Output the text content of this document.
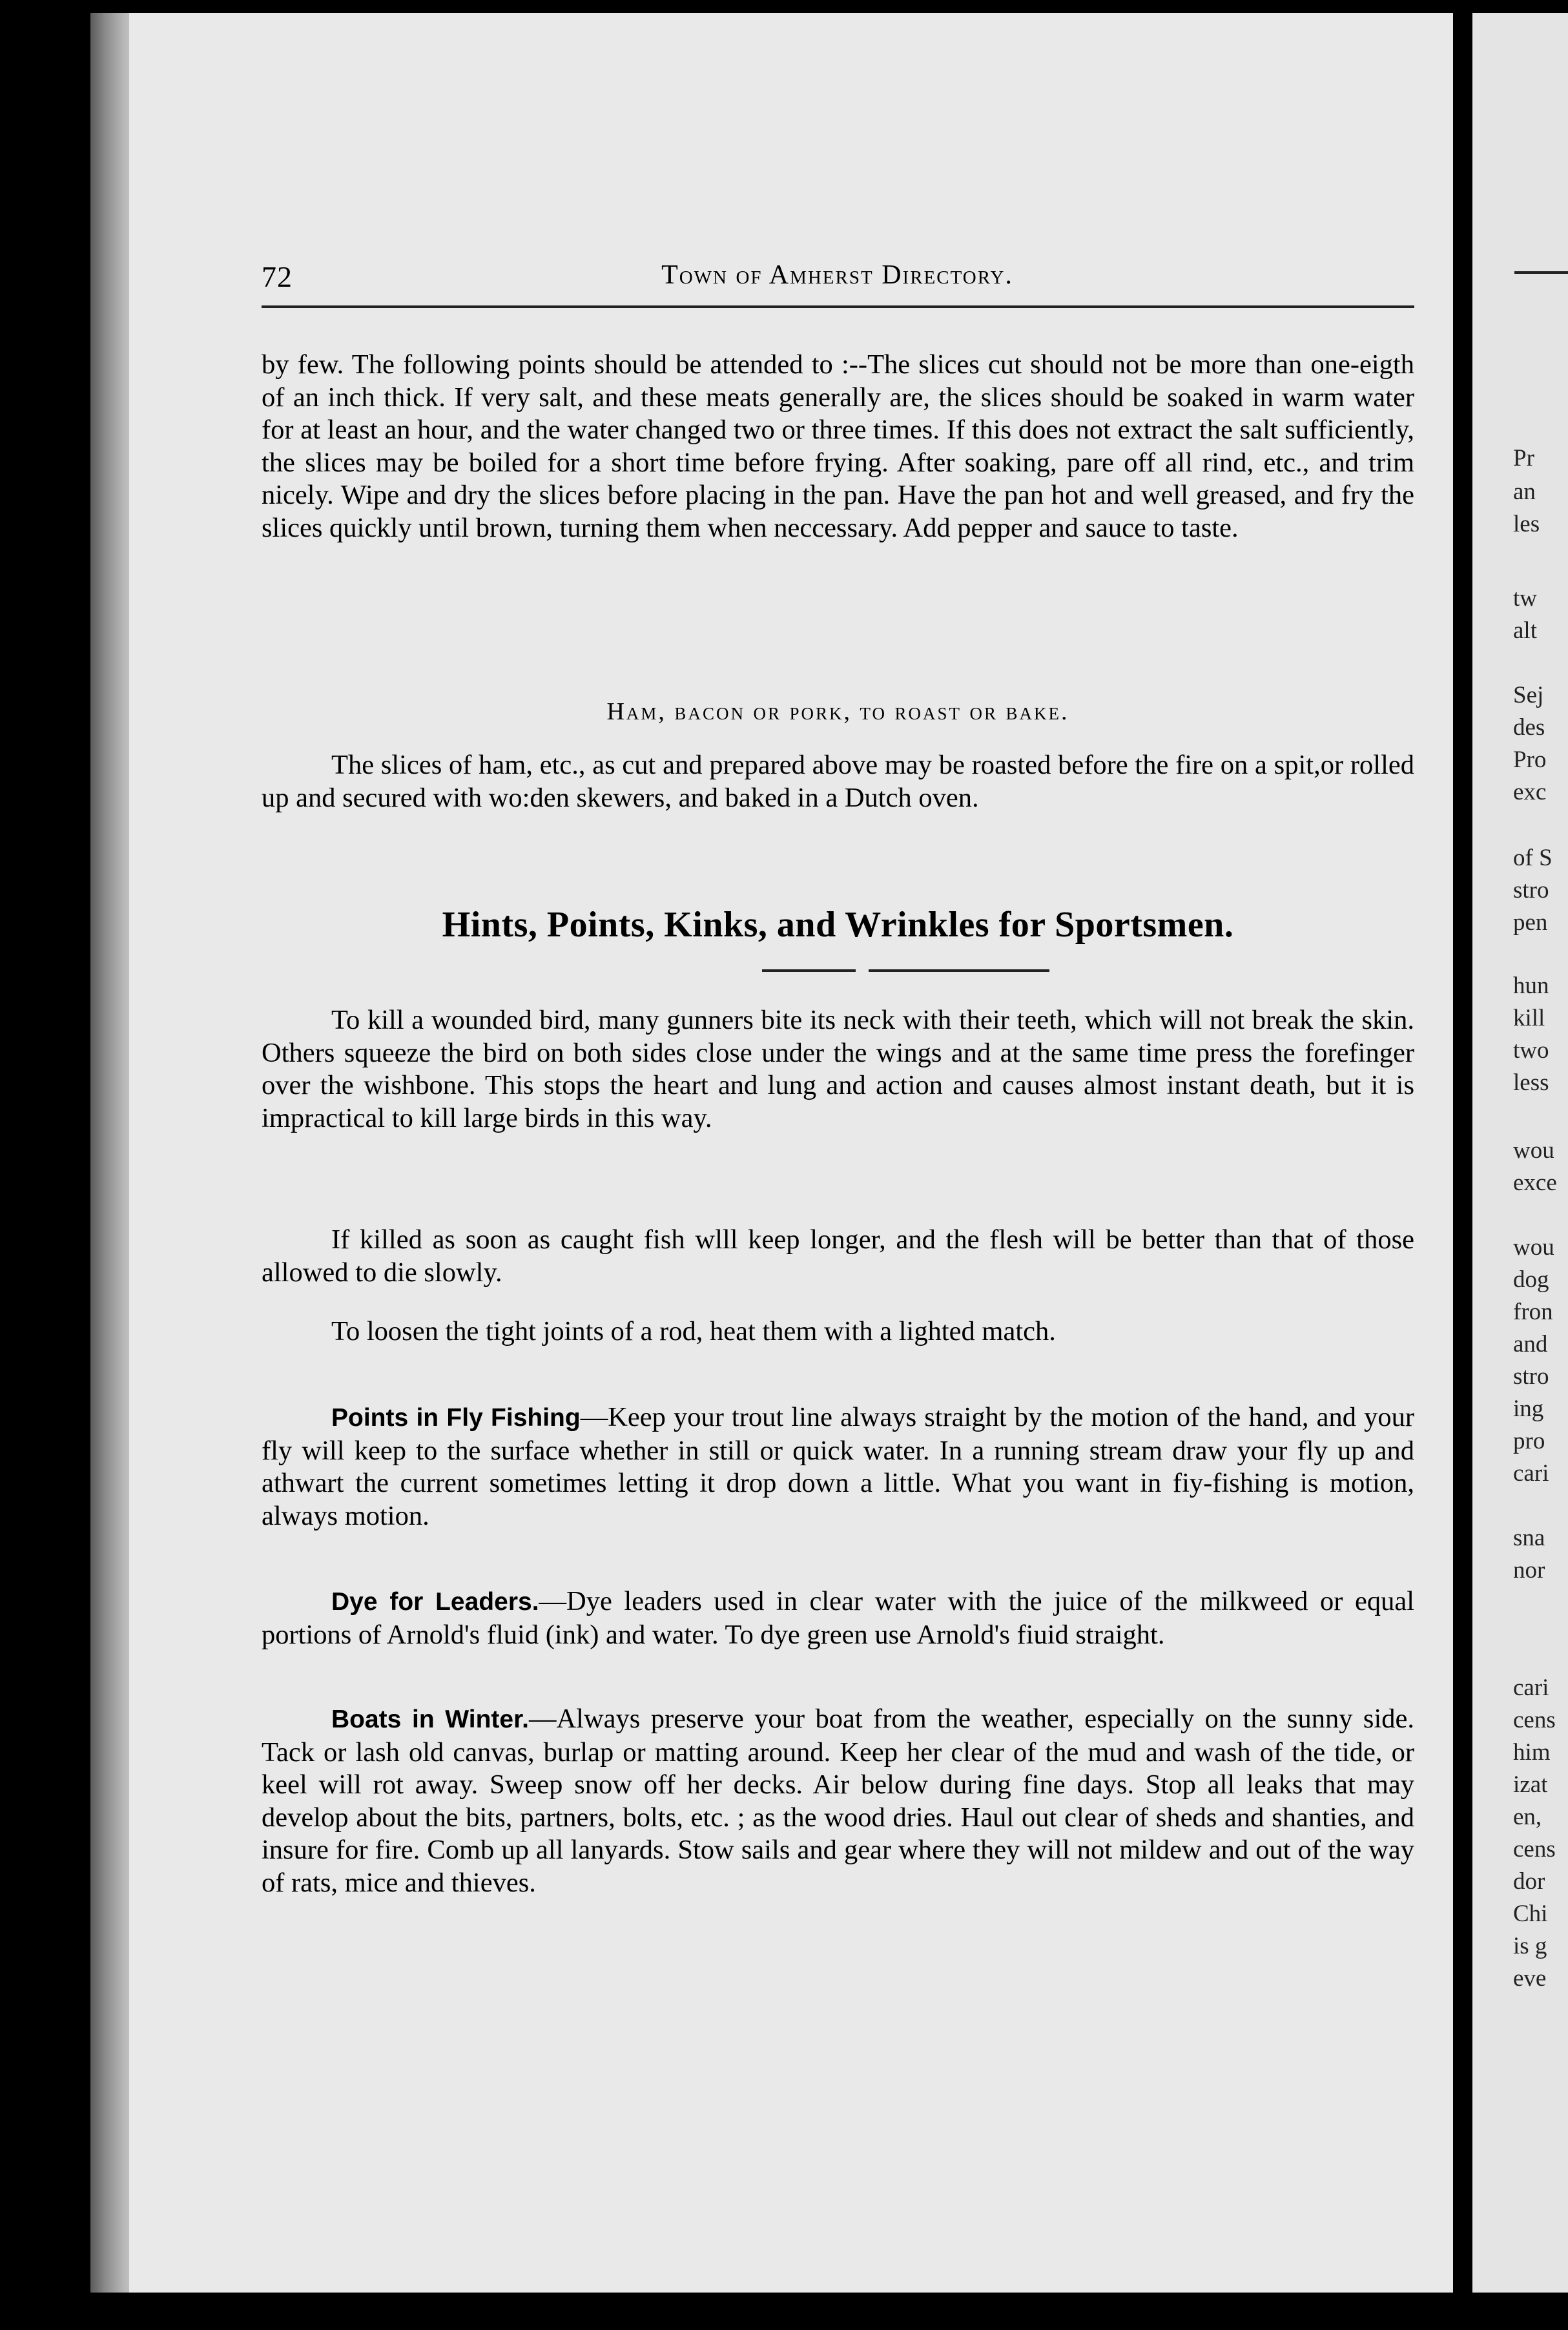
72	Town of Amherst Directory.

by few. The following points should be attended to :--The slices cut should not be more than one-eigth of an inch thick. If very salt, and these meats generally are, the slices should be soaked in warm water for at least an hour, and the water changed two or three times. If this does not extract the salt sufficiently, the slices may be boiled for a short time before frying. After soaking, pare off all rind, etc., and trim nicely. Wipe and dry the slices before placing in the pan. Have the pan hot and well greased, and fry the slices quickly until brown, turning them when neccessary. Add pepper and sauce to taste.

Ham, bacon or pork, to roast or bake.

The slices of ham, etc., as cut and prepared above may be roasted before the fire on a spit,or rolled up and secured with wo:den skewers, and baked in a Dutch oven.

Hints, Points, Kinks, and Wrinkles for Sportsmen.

To kill a wounded bird, many gunners bite its neck with their teeth, which will not break the skin. Others squeeze the bird on both sides close under the wings and at the same time press the forefinger over the wishbone. This stops the heart and lung and action and causes almost instant death, but it is impractical to kill large birds in this way.

If killed as soon as caught fish wlll keep longer, and the flesh will be better than that of those allowed to die slowly.

To loosen the tight joints of a rod, heat them with a lighted match.

Points in Fly Fishing—Keep your trout line always straight by the motion of the hand, and your fly will keep to the surface whether in still or quick water. In a running stream draw your fly up and athwart the current sometimes letting it drop down a little. What you want in fiy-fishing is motion, always motion.

Dye for Leaders.—Dye leaders used in clear water with the juice of the milkweed or equal portions of Arnold's fluid (ink) and water. To dye green use Arnold's fiuid straight.

Boats in Winter.—Always preserve your boat from the weather, especially on the sunny side. Tack or lash old canvas, burlap or matting around. Keep her clear of the mud and wash of the tide, or keel will rot away. Sweep snow off her decks. Air below during fine days. Stop all leaks that may develop about the bits, partners, bolts, etc. ; as the wood dries. Haul out clear of sheds and shanties, and insure for fire. Comb up all lanyards. Stow sails and gear where they will not mildew and out of the way of rats, mice and thieves.

Pr
an
les
tw
alt
Sej
des
Pro
exc
of S
stro
pen
hun
kill
two
less
wou
exce
wou
dog
fron
and
stro
ing
pro
cari
sna
nor
cari
cens
him
izat
en,
cens
dor
Chi
is g
eve
